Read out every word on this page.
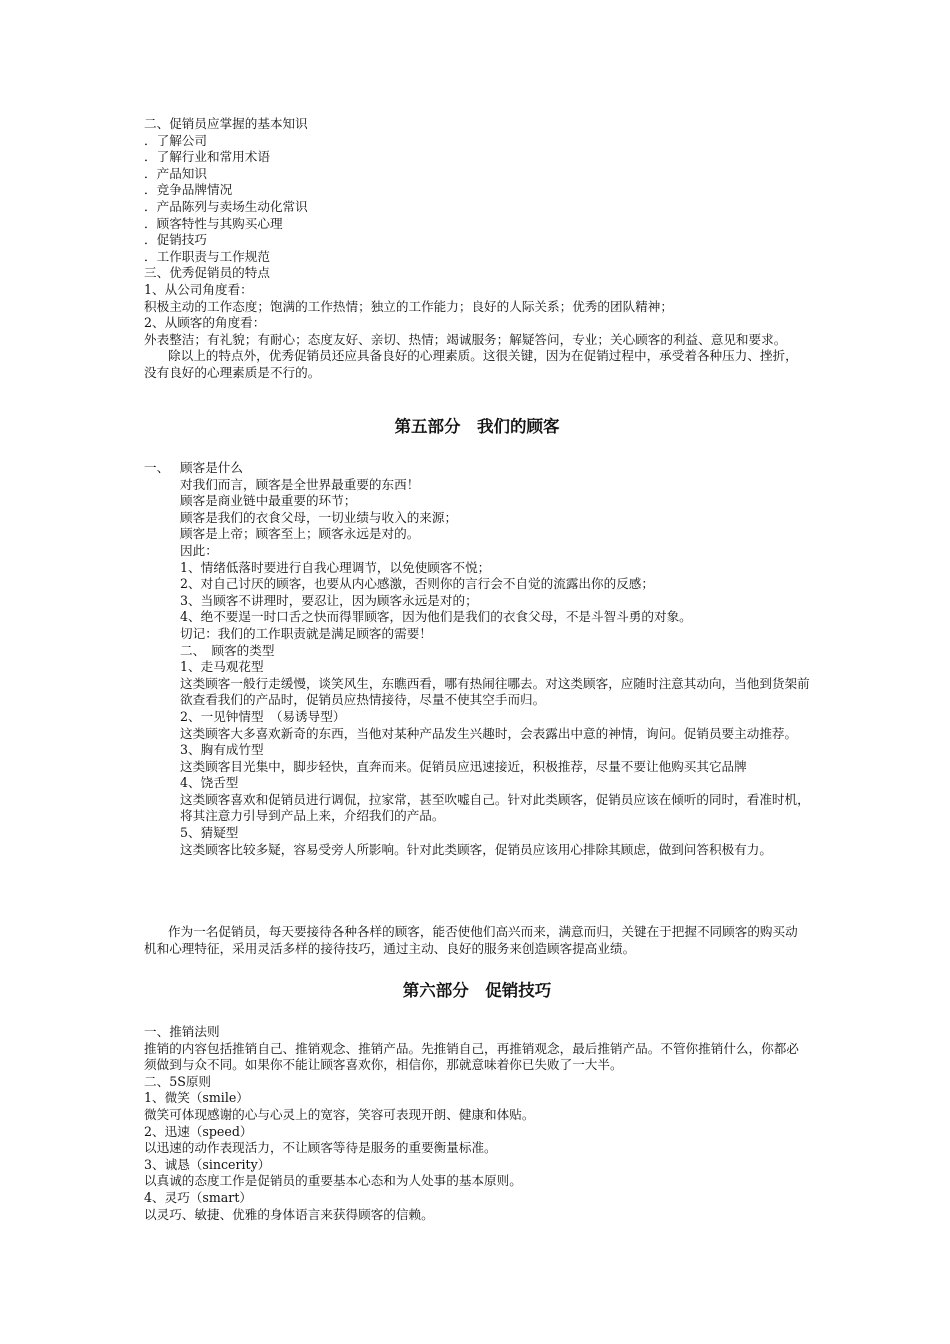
二、促销员应掌握的基本知识
．了解公司
．了解行业和常用术语
．产品知识
．竞争品牌情况
．产品陈列与卖场生动化常识
．顾客特性与其购买心理
．促销技巧
．工作职责与工作规范
三、优秀促销员的特点
1、从公司角度看：
积极主动的工作态度；饱满的工作热情；独立的工作能力；良好的人际关系；优秀的团队精神；
2、从顾客的角度看：
外表整洁；有礼貌；有耐心；态度友好、亲切、热情；竭诚服务；解疑答问，专业；关心顾客的利益、意见和要求。
除以上的特点外，优秀促销员还应具备良好的心理素质。这很关键，因为在促销过程中，承受着各种压力、挫折，没有良好的心理素质是不行的。
第五部分　我们的顾客
一、 顾客是什么
对我们而言，顾客是全世界最重要的东西！
顾客是商业链中最重要的环节；
顾客是我们的衣食父母，一切业绩与收入的来源；
顾客是上帝；顾客至上；顾客永远是对的。
因此：
1、情绪低落时要进行自我心理调节，以免使顾客不悦；
2、对自己讨厌的顾客，也要从内心感激，否则你的言行会不自觉的流露出你的反感；
3、当顾客不讲理时，要忍让，因为顾客永远是对的；
4、绝不要逞一时口舌之快而得罪顾客，因为他们是我们的衣食父母，不是斗智斗勇的对象。
切记：我们的工作职责就是满足顾客的需要！
二、　顾客的类型
1、走马观花型
这类顾客一般行走缓慢，谈笑风生，东瞧西看，哪有热闹往哪去。对这类顾客，应随时注意其动向，当他到货架前欲查看我们的产品时，促销员应热情接待，尽量不使其空手而归。
2、一见钟情型　（易诱导型）
这类顾客大多喜欢新奇的东西，当他对某种产品发生兴趣时，会表露出中意的神情，询问。促销员要主动推荐。
3、胸有成竹型
这类顾客目光集中，脚步轻快，直奔而来。促销员应迅速接近，积极推荐，尽量不要让他购买其它品牌
4、饶舌型
这类顾客喜欢和促销员进行调侃，拉家常，甚至吹嘘自己。针对此类顾客，促销员应该在倾听的同时，看准时机，将其注意力引导到产品上来，介绍我们的产品。
5、猜疑型
这类顾客比较多疑，容易受旁人所影响。针对此类顾客，促销员应该用心排除其顾虑，做到问答积极有力。
作为一名促销员，每天要接待各种各样的顾客，能否使他们高兴而来，满意而归，关键在于把握不同顾客的购买动机和心理特征，采用灵活多样的接待技巧，通过主动、良好的服务来创造顾客提高业绩。
第六部分　促销技巧
一、推销法则
推销的内容包括推销自己、推销观念、推销产品。先推销自己，再推销观念，最后推销产品。不管你推销什么，你都必须做到与众不同。如果你不能让顾客喜欢你，相信你，那就意味着你已失败了一大半。
二、5S原则
1、微笑（smile）
微笑可体现感谢的心与心灵上的宽容，笑容可表现开朗、健康和体贴。
2、迅速（speed）
以迅速的动作表现活力，不让顾客等待是服务的重要衡量标准。
3、诚恳（sincerity）
以真诚的态度工作是促销员的重要基本心态和为人处事的基本原则。
4、灵巧（smart）
以灵巧、敏捷、优雅的身体语言来获得顾客的信赖。
